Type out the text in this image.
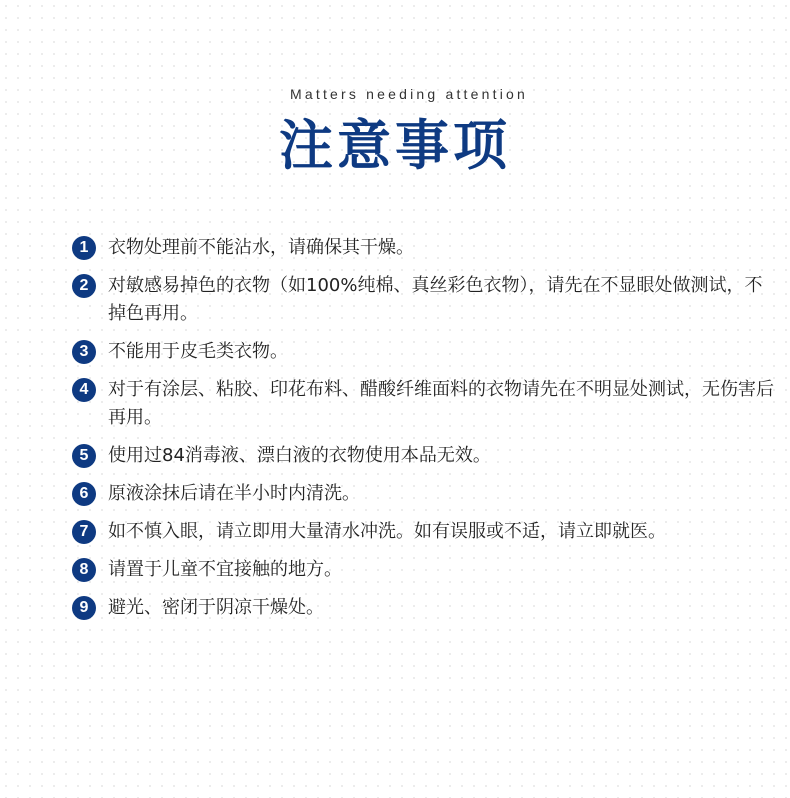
Matters needing attention
注意事项
1	衣物处理前不能沾水，请确保其干燥。
2	对敏感易掉色的衣物（如100%纯棉、真丝彩色衣物），请先在不显眼处做测试，不掉色再用。
3	不能用于皮毛类衣物。
4	对于有涂层、粘胶、印花布料、醋酸纤维面料的衣物请先在不明显处测试，无伤害后再用。
5	使用过84消毒液、漂白液的衣物使用本品无效。
6	原液涂抹后请在半小时内清洗。
7	如不慎入眼，请立即用大量清水冲洗。如有误服或不适，请立即就医。
8	请置于儿童不宜接触的地方。
9	避光、密闭于阴凉干燥处。
